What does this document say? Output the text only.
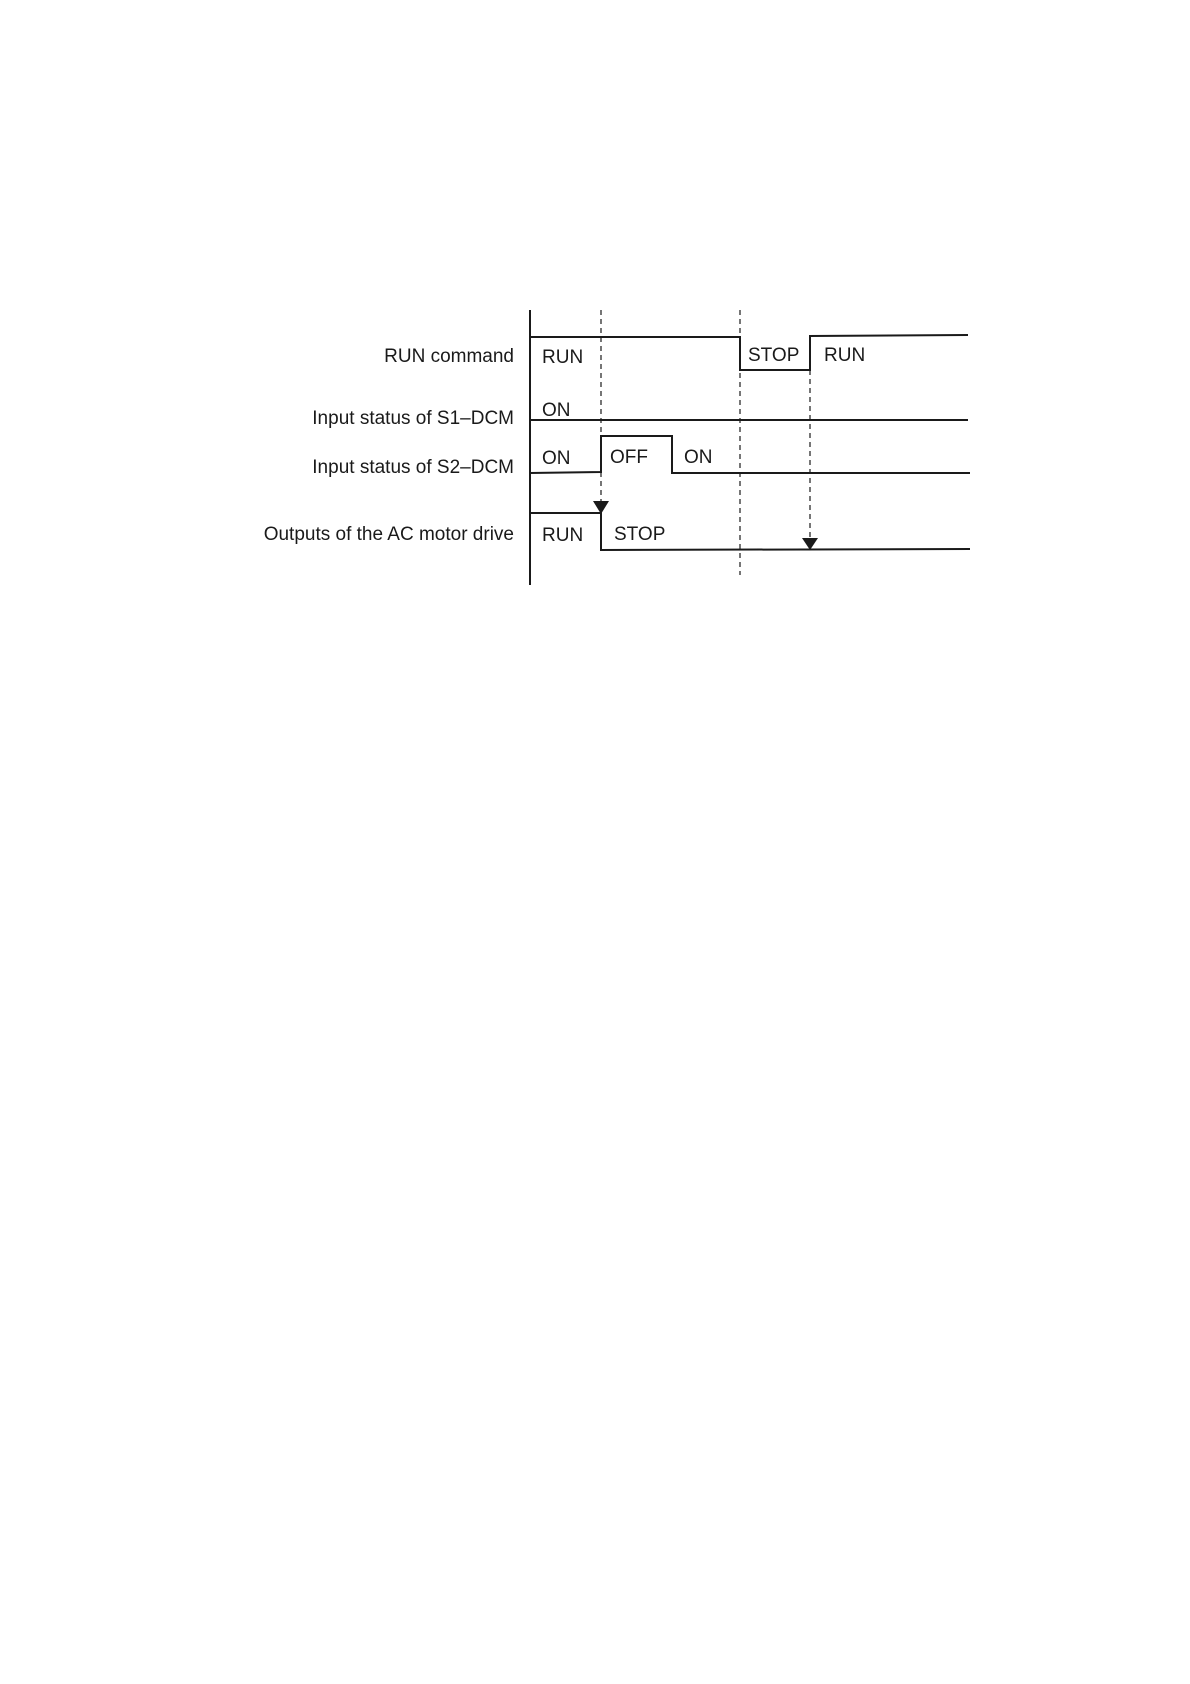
RUN command
Input status of S1–DCM
Input status of S2–DCM
Outputs of the AC motor drive
RUN	STOP RUN
ON
ON OFF ON
RUN STOP
